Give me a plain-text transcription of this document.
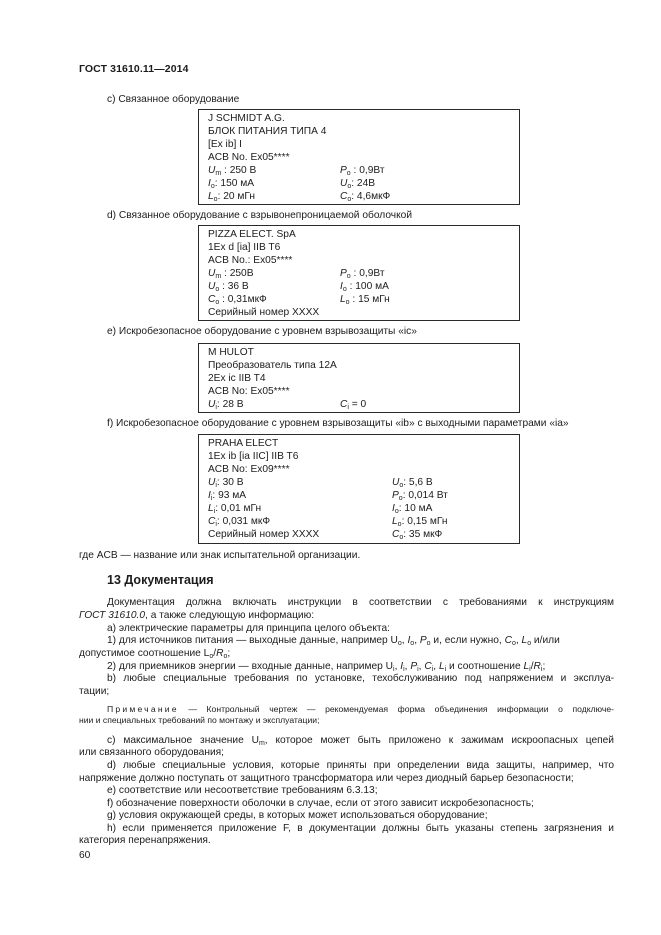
ГОСТ 31610.11—2014
c) Связанное оборудование
J SCHMIDT A.G.
БЛОК ПИТАНИЯ ТИПА 4
[Ex ib] I
ACB No. Ex05****
$U_m$ : 250 В	$P_o$ : 0,9Вт
$I_o$: 150 мА	$U_o$: 24В
$L_o$: 20 мГн	$C_o$: 4,6мкФ
d) Связанное оборудование с взрывонепроницаемой оболочкой
PIZZA ELECT. SpA
1Ex d [ia] IIB T6
ACB No.: Ex05****
$U_m$ : 250В	$P_o$ : 0,9Вт
$U_o$ : 36 В	$I_o$ : 100 мА
$C_o$ : 0,31мкФ	$L_o$ : 15 мГн
Серийный номер ХХХХ
e) Искробезопасное оборудование с уровнем взрывозащиты «ic»
M HULOT
Преобразователь типа 12А
2Ex ic IIB T4
ACB No: Ex05****
$U_i$: 28 В	$C_i = 0$
f) Искробезопасное оборудование с уровнем взрывозащиты «ib» с выходными параметрами «ia»
PRAHA ELECT
1Ex ib [ia IIC] IIB T6
ACB No: Ex09****
$U_i$: 30 В	$U_o$: 5,6 В
$I_i$: 93 мА	$P_o$: 0,014 Вт
$L_i$: 0,01 мГн	$I_o$: 10 мА
$C_i$: 0,031 мкФ	$L_o$: 0,15 мГн
Серийный номер ХХХХ	$C_o$: 35 мкФ
где ACB — название или знак испытательной организации.
13 Документация
Документация должна включать инструкции в соответствии с требованиями к инструкциям
ГОСТ 31610.0, а также следующую информацию:
а) электрические параметры для принципа целого объекта:
1) для источников питания — выходные данные, например $U_o$, $I_o$, $P_o$ и, если нужно, $C_o$, $L_o$ и/или
допустимое соотношение $L_o/R_o$;
2) для приемников энергии — входные данные, например $U_i$, $I_i$, $P_i$, $C_i$, $L_i$ и соотношение $L_i/R_i$;
b) любые специальные требования по установке, техобслуживанию под напряжением и эксплуа-
тации;
Примечание — Контрольный чертеж — рекомендуемая форма объединения информации о подключе-
нии и специальных требований по монтажу и эксплуатации;
с) максимальное значение $U_m$, которое может быть приложено к зажимам искроопасных цепей
или связанного оборудования;
d) любые специальные условия, которые приняты при определении вида защиты, например, что
напряжение должно поступать от защитного трансформатора или через диодный барьер безопасности;
е) соответствие или несоответствие требованиям 6.3.13;
f) обозначение поверхности оболочки в случае, если от этого зависит искробезопасность;
g) условия окружающей среды, в которых может использоваться оборудование;
h) если применяется приложение F, в документации должны быть указаны степень загрязнения и
категория перенапряжения.
60
